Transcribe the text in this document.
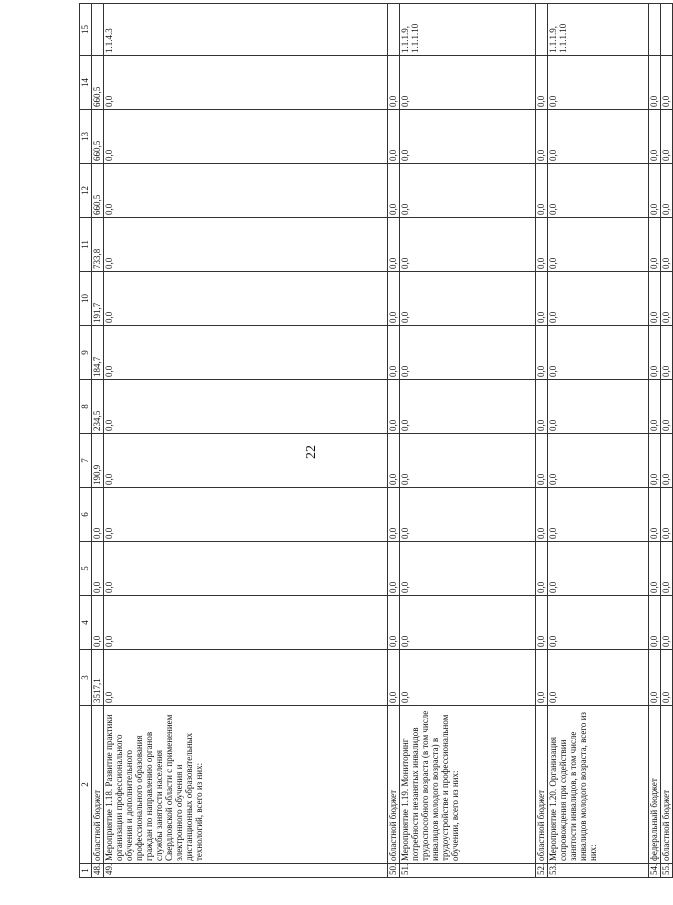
22
1	2	3	4	5	6	7	8	9	10	11	12	13	14	15
48.	областной бюджет	3517,1	0,0	0,0	0,0	190,9	234,5	184,7	191,7	733,8	660,5	660,5	660,5	
49.	Мероприятие 1.18. Развитие практики организации профессионального обучения и дополнительного профессионального образования граждан по направлению органов службы занятости населения Свердловской области с применением электронного обучения и дистанционных образовательных технологий, всего из них:	0,0	0,0	0,0	0,0	0,0	0,0	0,0	0,0	0,0	0,0	0,0	0,0	1.1.4.3
50.	областной бюджет	0,0	0,0	0,0	0,0	0,0	0,0	0,0	0,0	0,0	0,0	0,0	0,0	
51.	Мероприятие 1.19. Мониторинг потребности незанятых инвалидов трудоспособного возраста (в том числе инвалидов молодого возраста) в трудоустройстве и профессиональном обучении, всего из них:	0,0	0,0	0,0	0,0	0,0	0,0	0,0	0,0	0,0	0,0	0,0	0,0	1.1.1.9, 1.1.1.10
52.	областной бюджет	0,0	0,0	0,0	0,0	0,0	0,0	0,0	0,0	0,0	0,0	0,0	0,0	
53.	Мероприятие 1.20. Организация сопровождения при содействии занятости инвалидов, в том числе инвалидов молодого возраста, всего из них:	0,0	0,0	0,0	0,0	0,0	0,0	0,0	0,0	0,0	0,0	0,0	0,0	1.1.1.9, 1.1.1.10
54.	федеральный бюджет	0,0	0,0	0,0	0,0	0,0	0,0	0,0	0,0	0,0	0,0	0,0	0,0	
55.	областной бюджет	0,0	0,0	0,0	0,0	0,0	0,0	0,0	0,0	0,0	0,0	0,0	0,0	
